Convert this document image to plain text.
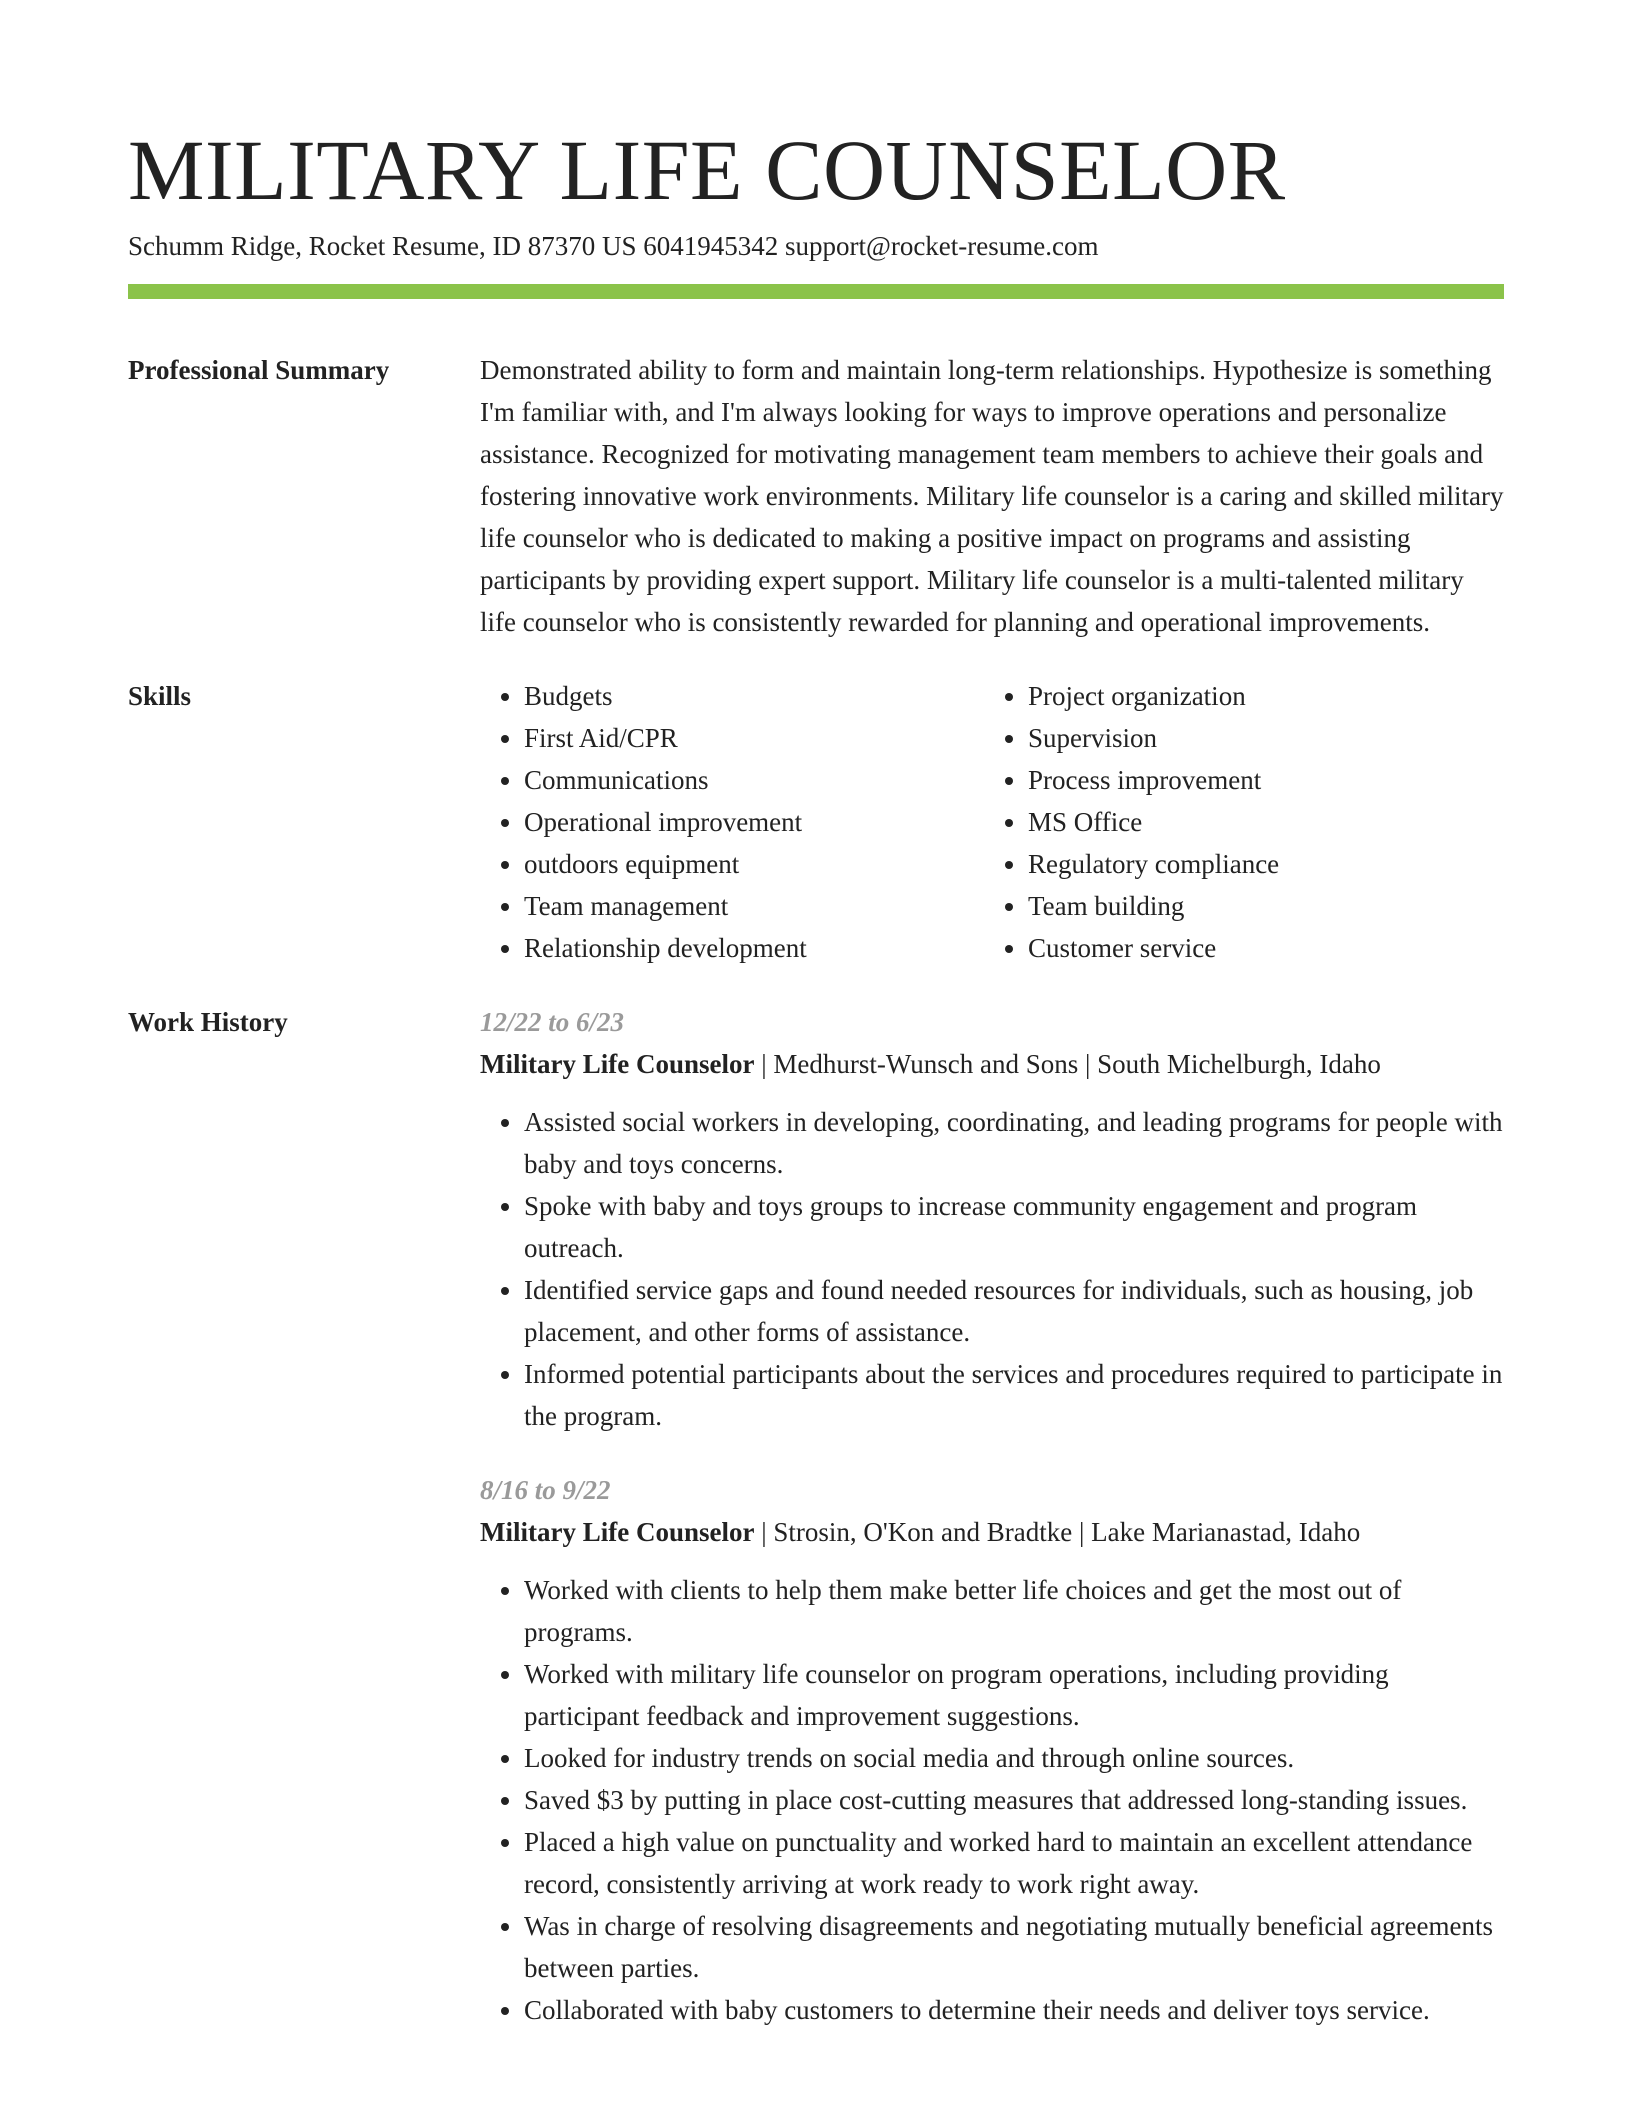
MILITARY LIFE COUNSELOR
Schumm Ridge, Rocket Resume, ID 87370 US 6041945342 support@rocket-resume.com
Professional Summary	Demonstrated ability to form and maintain long-term relationships. Hypothesize is something I'm familiar with, and I'm always looking for ways to improve operations and personalize assistance. Recognized for motivating management team members to achieve their goals and fostering innovative work environments. Military life counselor is a caring and skilled military life counselor who is dedicated to making a positive impact on programs and assisting participants by providing expert support. Military life counselor is a multi-talented military life counselor who is consistently rewarded for planning and operational improvements.

Skills
•	Budgets
• First Aid/CPR
• Communications
• Operational improvement
• outdoors equipment
• Team management
• Relationship development
• Project organization
• Supervision
• Process improvement
• MS Office
• Regulatory compliance
• Team building
• Customer service
Work History	12/22 to 6/23
Military Life Counselor | Medhurst-Wunsch and Sons | South Michelburgh, Idaho
• Assisted social workers in developing, coordinating, and leading programs for people with baby and toys concerns.
• Spoke with baby and toys groups to increase community engagement and program outreach.
• Identified service gaps and found needed resources for individuals, such as housing, job placement, and other forms of assistance.
• Informed potential participants about the services and procedures required to participate in the program.
8/16 to 9/22
Military Life Counselor | Strosin, O'Kon and Bradtke | Lake Marianastad, Idaho
• Worked with clients to help them make better life choices and get the most out of programs.
• Worked with military life counselor on program operations, including providing participant feedback and improvement suggestions.
• Looked for industry trends on social media and through online sources.
• Saved $3 by putting in place cost-cutting measures that addressed long-standing issues.
• Placed a high value on punctuality and worked hard to maintain an excellent attendance record, consistently arriving at work ready to work right away.
• Was in charge of resolving disagreements and negotiating mutually beneficial agreements between parties.
• Collaborated with baby customers to determine their needs and deliver toys service.
